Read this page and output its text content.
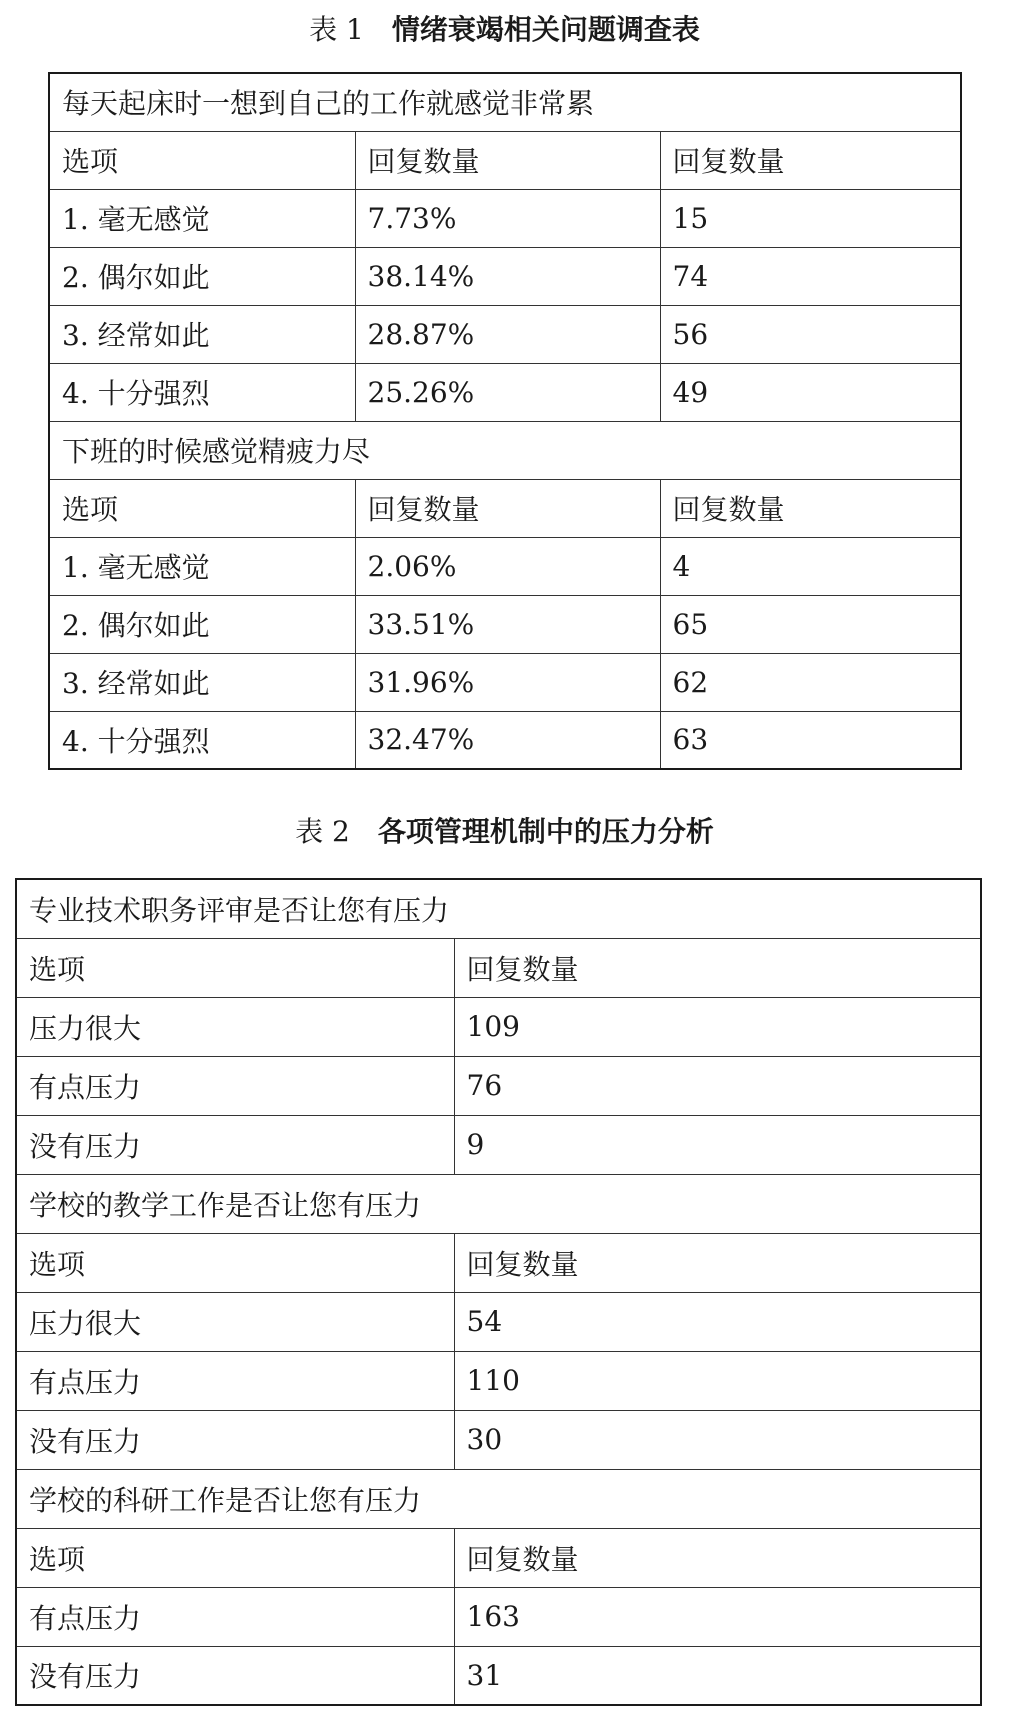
表 1 情绪衰竭相关问题调查表
每天起床时一想到自己的工作就感觉非常累		
选项	回复数量	回复数量
1. 毫无感觉	7.73%	15
2. 偶尔如此	38.14%	74
3. 经常如此	28.87%	56
4. 十分强烈	25.26%	49
下班的时候感觉精疲力尽		
选项	回复数量	回复数量
1. 毫无感觉	2.06%	4
2. 偶尔如此	33.51%	65
3. 经常如此	31.96%	62
4. 十分强烈	32.47%	63
表 2 各项管理机制中的压力分析
专业技术职务评审是否让您有压力	
选项	回复数量
压力很大	109
有点压力	76
没有压力	9
学校的教学工作是否让您有压力	
选项	回复数量
压力很大	54
有点压力	110
没有压力	30
学校的科研工作是否让您有压力	
选项	回复数量
有点压力	163
没有压力	31
